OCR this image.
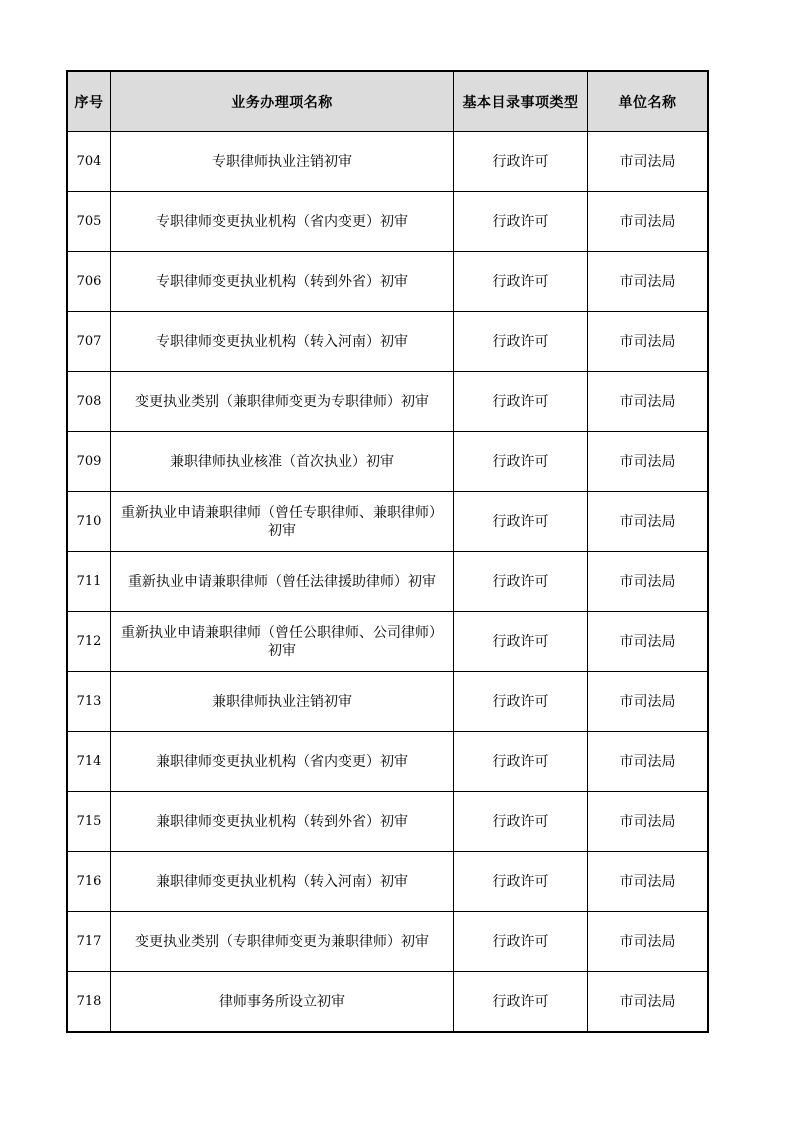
序号	业务办理项名称	基本目录事项类型	单位名称
704	专职律师执业注销初审	行政许可	市司法局
705	专职律师变更执业机构（省内变更）初审	行政许可	市司法局
706	专职律师变更执业机构（转到外省）初审	行政许可	市司法局
707	专职律师变更执业机构（转入河南）初审	行政许可	市司法局
708	变更执业类别（兼职律师变更为专职律师）初审	行政许可	市司法局
709	兼职律师执业核准（首次执业）初审	行政许可	市司法局
710	重新执业申请兼职律师（曾任专职律师、兼职律师）初审	行政许可	市司法局
711	重新执业申请兼职律师（曾任法律援助律师）初审	行政许可	市司法局
712	重新执业申请兼职律师（曾任公职律师、公司律师）初审	行政许可	市司法局
713	兼职律师执业注销初审	行政许可	市司法局
714	兼职律师变更执业机构（省内变更）初审	行政许可	市司法局
715	兼职律师变更执业机构（转到外省）初审	行政许可	市司法局
716	兼职律师变更执业机构（转入河南）初审	行政许可	市司法局
717	变更执业类别（专职律师变更为兼职律师）初审	行政许可	市司法局
718	律师事务所设立初审	行政许可	市司法局
